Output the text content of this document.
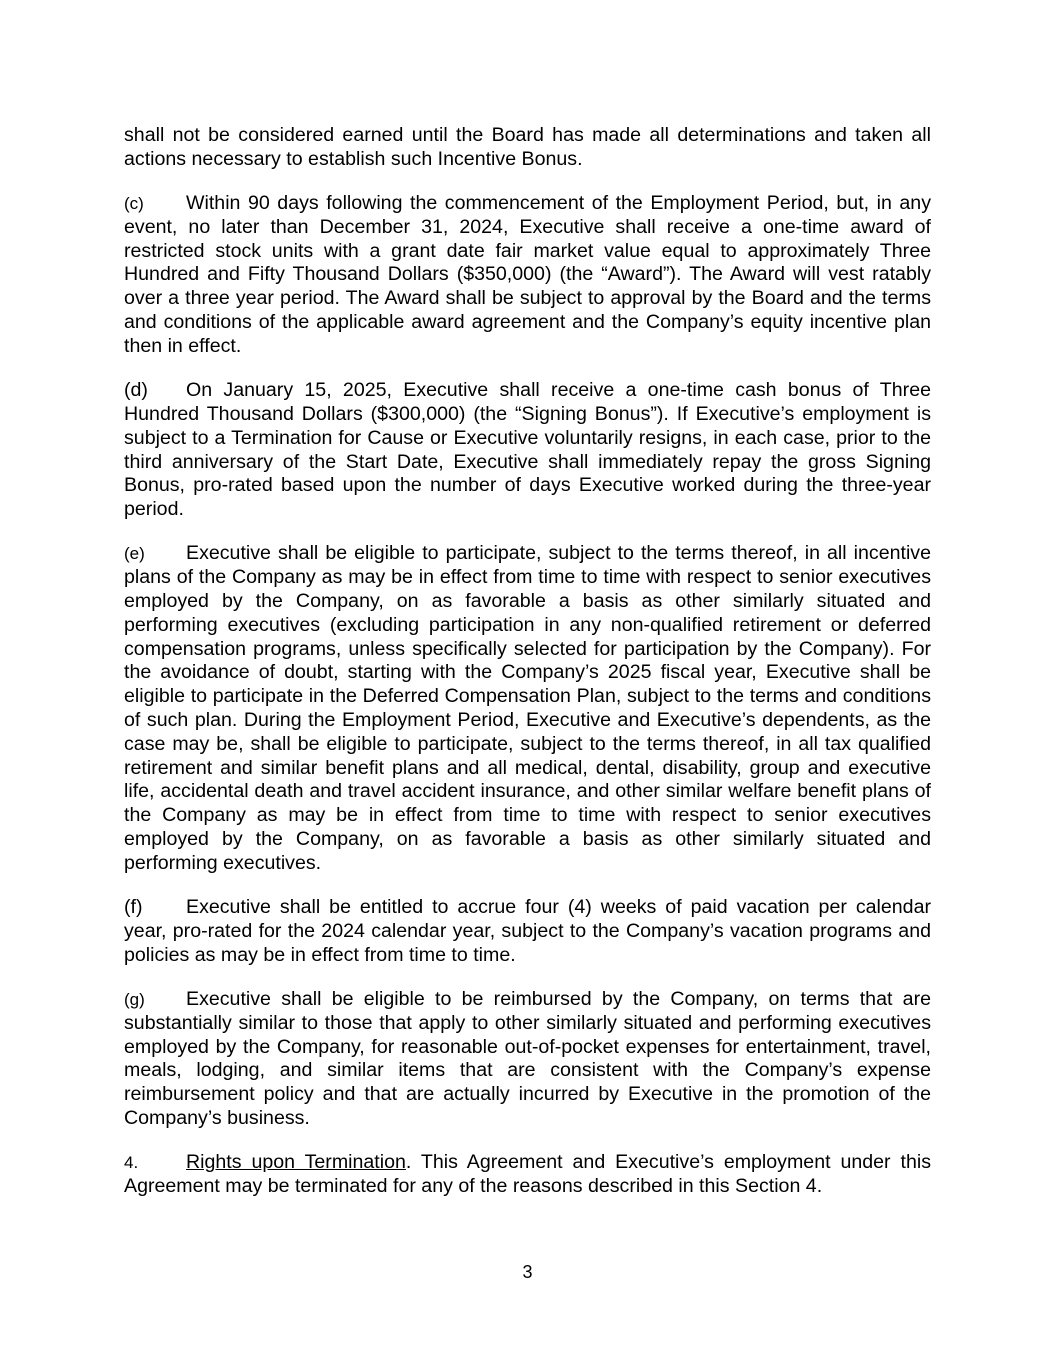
shall not be considered earned until the Board has made all determinations and taken all actions necessary to establish such Incentive Bonus.

(c) Within 90 days following the commencement of the Employment Period, but, in any event, no later than December 31, 2024, Executive shall receive a one-time award of restricted stock units with a grant date fair market value equal to approximately Three Hundred and Fifty Thousand Dollars ($350,000) (the “Award”). The Award will vest ratably over a three year period. The Award shall be subject to approval by the Board and the terms and conditions of the applicable award agreement and the Company’s equity incentive plan then in effect.

(d) On January 15, 2025, Executive shall receive a one-time cash bonus of Three Hundred Thousand Dollars ($300,000) (the “Signing Bonus”). If Executive’s employment is subject to a Termination for Cause or Executive voluntarily resigns, in each case, prior to the third anniversary of the Start Date, Executive shall immediately repay the gross Signing Bonus, pro-rated based upon the number of days Executive worked during the three-year period.

(e) Executive shall be eligible to participate, subject to the terms thereof, in all incentive plans of the Company as may be in effect from time to time with respect to senior executives employed by the Company, on as favorable a basis as other similarly situated and performing executives (excluding participation in any non-qualified retirement or deferred compensation programs, unless specifically selected for participation by the Company). For the avoidance of doubt, starting with the Company’s 2025 fiscal year, Executive shall be eligible to participate in the Deferred Compensation Plan, subject to the terms and conditions of such plan. During the Employment Period, Executive and Executive’s dependents, as the case may be, shall be eligible to participate, subject to the terms thereof, in all tax qualified retirement and similar benefit plans and all medical, dental, disability, group and executive life, accidental death and travel accident insurance, and other similar welfare benefit plans of the Company as may be in effect from time to time with respect to senior executives employed by the Company, on as favorable a basis as other similarly situated and performing executives.

(f) Executive shall be entitled to accrue four (4) weeks of paid vacation per calendar year, pro-rated for the 2024 calendar year, subject to the Company’s vacation programs and policies as may be in effect from time to time.

(g) Executive shall be eligible to be reimbursed by the Company, on terms that are substantially similar to those that apply to other similarly situated and performing executives employed by the Company, for reasonable out-of-pocket expenses for entertainment, travel, meals, lodging, and similar items that are consistent with the Company’s expense reimbursement policy and that are actually incurred by Executive in the promotion of the Company’s business.

4. Rights upon Termination. This Agreement and Executive’s employment under this Agreement may be terminated for any of the reasons described in this Section 4.

3
